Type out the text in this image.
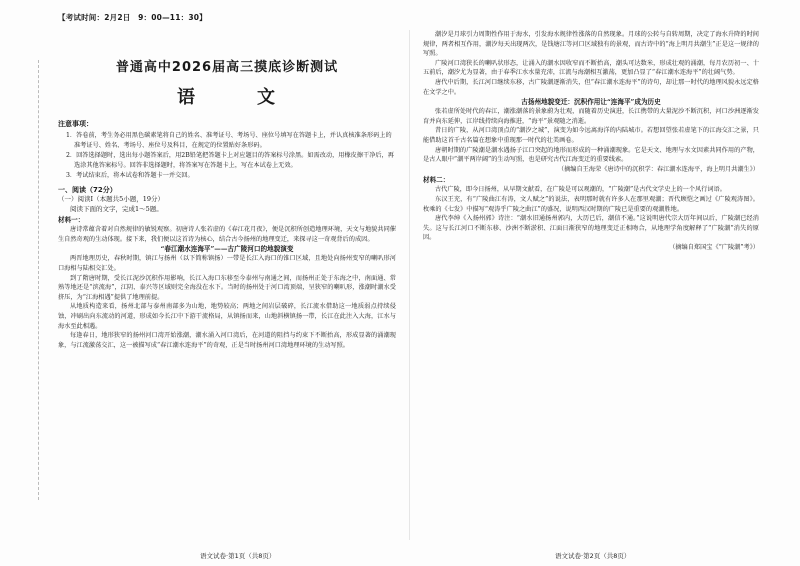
【考试时间：2月2日　9：00—11：30】
普通高中2026届高三摸底诊断测试
语　文
注意事项：
1．答卷前，考生务必用黑色碳素笔将自己的姓名、准考证号、考场号、座位号填写在答题卡上，并认真核准条形码上的准考证号、姓名、考场号、座位号及科目，在规定的位置贴好条形码。
2．回答选择题时，选出每小题答案后，用2B铅笔把答题卡上对应题目的答案标号涂黑。如需改动，用橡皮擦干净后，再选涂其他答案标号。回答非选择题时，将答案写在答题卡上，写在本试卷上无效。
3．考试结束后，将本试卷和答题卡一并交回。
一、阅读（72分）
（一）阅读Ⅰ（本题共5小题，19分）
阅读下面的文字，完成1～5题。
材料一：

唐诗常蕴含着对自然规律的敏锐观察。初唐诗人张若虚的《春江花月夜》，便是沉积所创造地理环境，天文与地貌共同催生自然奇观的生动体现。接下来，我们便以这首诗为核心，结合古今扬州的地理变迁，来探寻这一奇观背后的成因。

“春江潮水连海平”——古广陵河口的地貌演变

两晋地理历史，春秋时期，镇江与扬州（以下简称镇扬）一带是长江入海口的锥口区域，且地处向扬州变窄的喇叭形河口海相与陆相交汇处。

到了隋唐时期，受长江泥沙沉积作用影响，长江入海口东移至今泰州与南通之间，而扬州正处于东海之中，南面通、常熟等地还是“滨流海”，江阴、泰兴等区域则完全海没在水下。当时的扬州处于河口湾顶端，呈狭窄的喇叭形，涨潮时潮水受挤压，为“江海相遇”提供了地理前提。

从地质构造来看，扬州北部与泰州南部多为山地，地势较高；两地之间岩层破碎，长江流水借助这一地质弱点持续侵蚀，冲刷出向东流动的河道，形成如今长江中下游干流格局，从镇扬而来，山地斜横镇扬一带，长江在此注入大海，江水与海水至此相遇。

每逢春日，地形狭窄的扬州河口湾开始涨潮，潮水涌入河口湾后，在河道的阻挡与约束下不断抬高，形成显著的涌潮现象，与江流激荡交汇，这一被描写成“春江潮水连海平”的奇观，正是当时扬州河口湾地理环境的生动写照。

潮汐是月球引力周期性作用于海水，引发海水规律性涨落的自然现象。月球的公转与自转周期，决定了海水升降的时间规律，两者相互作用，潮汐每天出现两次，是钱塘江等河口区域独有的景观，而古诗中的“海上明月共潮生”正是这一规律的写照。

广陵河口湾狭长的喇叭状形态，让涌入的潮水因收窄而不断抬高，潮头可达数米，形成壮观的涌潮，每月农历初一、十五前后，潮汐尤为显著，由于春季江水水量充沛，江流与海潮相互激荡，更加凸显了“春江潮水连海平”的壮阔气势。

唐代中后期，长江河口继续东移，古广陵潮逐渐消失，但“春江潮水连海平”的诗句，却让那一时代的地理风貌永远定格在文学之中。

古扬州地貌变迁：沉积作用让“连海平”成为历史

张若虚所处时代的春江，潮涨潮落的景象蔚为壮观，而随着历史演进，长江携带的大量泥沙不断沉积，河口沙洲逐渐发育并向东延伸，江岸线持续向海推进，“海平”景观随之消逝。

昔日的广陵，从河口湾顶点的“潮汐之城”，演变为如今远离海洋的内陆城市。若想回望张若虚笔下的江海交汇之景，只能借助这首千古名篇在想象中重现那一时代的壮美画卷。

唐朝时期的广陵潮是潮水遇扬子江口突起的地形而形成的一种涌潮现象。它是天文、地理与水文因素共同作用的产物，是古人眼中“潮平两岸阔”的生动写照，也是研究古代江海变迁的重要线索。

（摘编自王海荣《唐诗中的沉积学：春江潮水连海平，海上明月共潮生》）
材料二：

古代广陵，即今日扬州，从早期文献看，在广陵是可以观潮的，“广陵潮”是古代文学史上的一个风行词语。

东汉王充，有“广陵曲江有涛，文人赋之”的说法，表明那时就有许多人在那里观潮；晋代顾恺之画过《广陵观涛图》。枚乘的《七发》中描写“观涛乎广陵之曲江”的盛况，说明西汉时期的广陵已是重要的观潮胜地。

唐代李绅《入扬州郭》诗注：“潮水旧通扬州郭内，大历已后，潮信不通。”这说明唐代宗大历年间以后，广陵潮已经消失。这与长江河口不断东移、沙洲不断淤积、江面日渐狭窄的地理变迁正相吻合，从地理学角度解释了“广陵潮”消失的原因。

（摘编自郑国宝《“广陵潮”考》）
语文试卷·第1页（共8页）	语文试卷·第2页（共8页）
